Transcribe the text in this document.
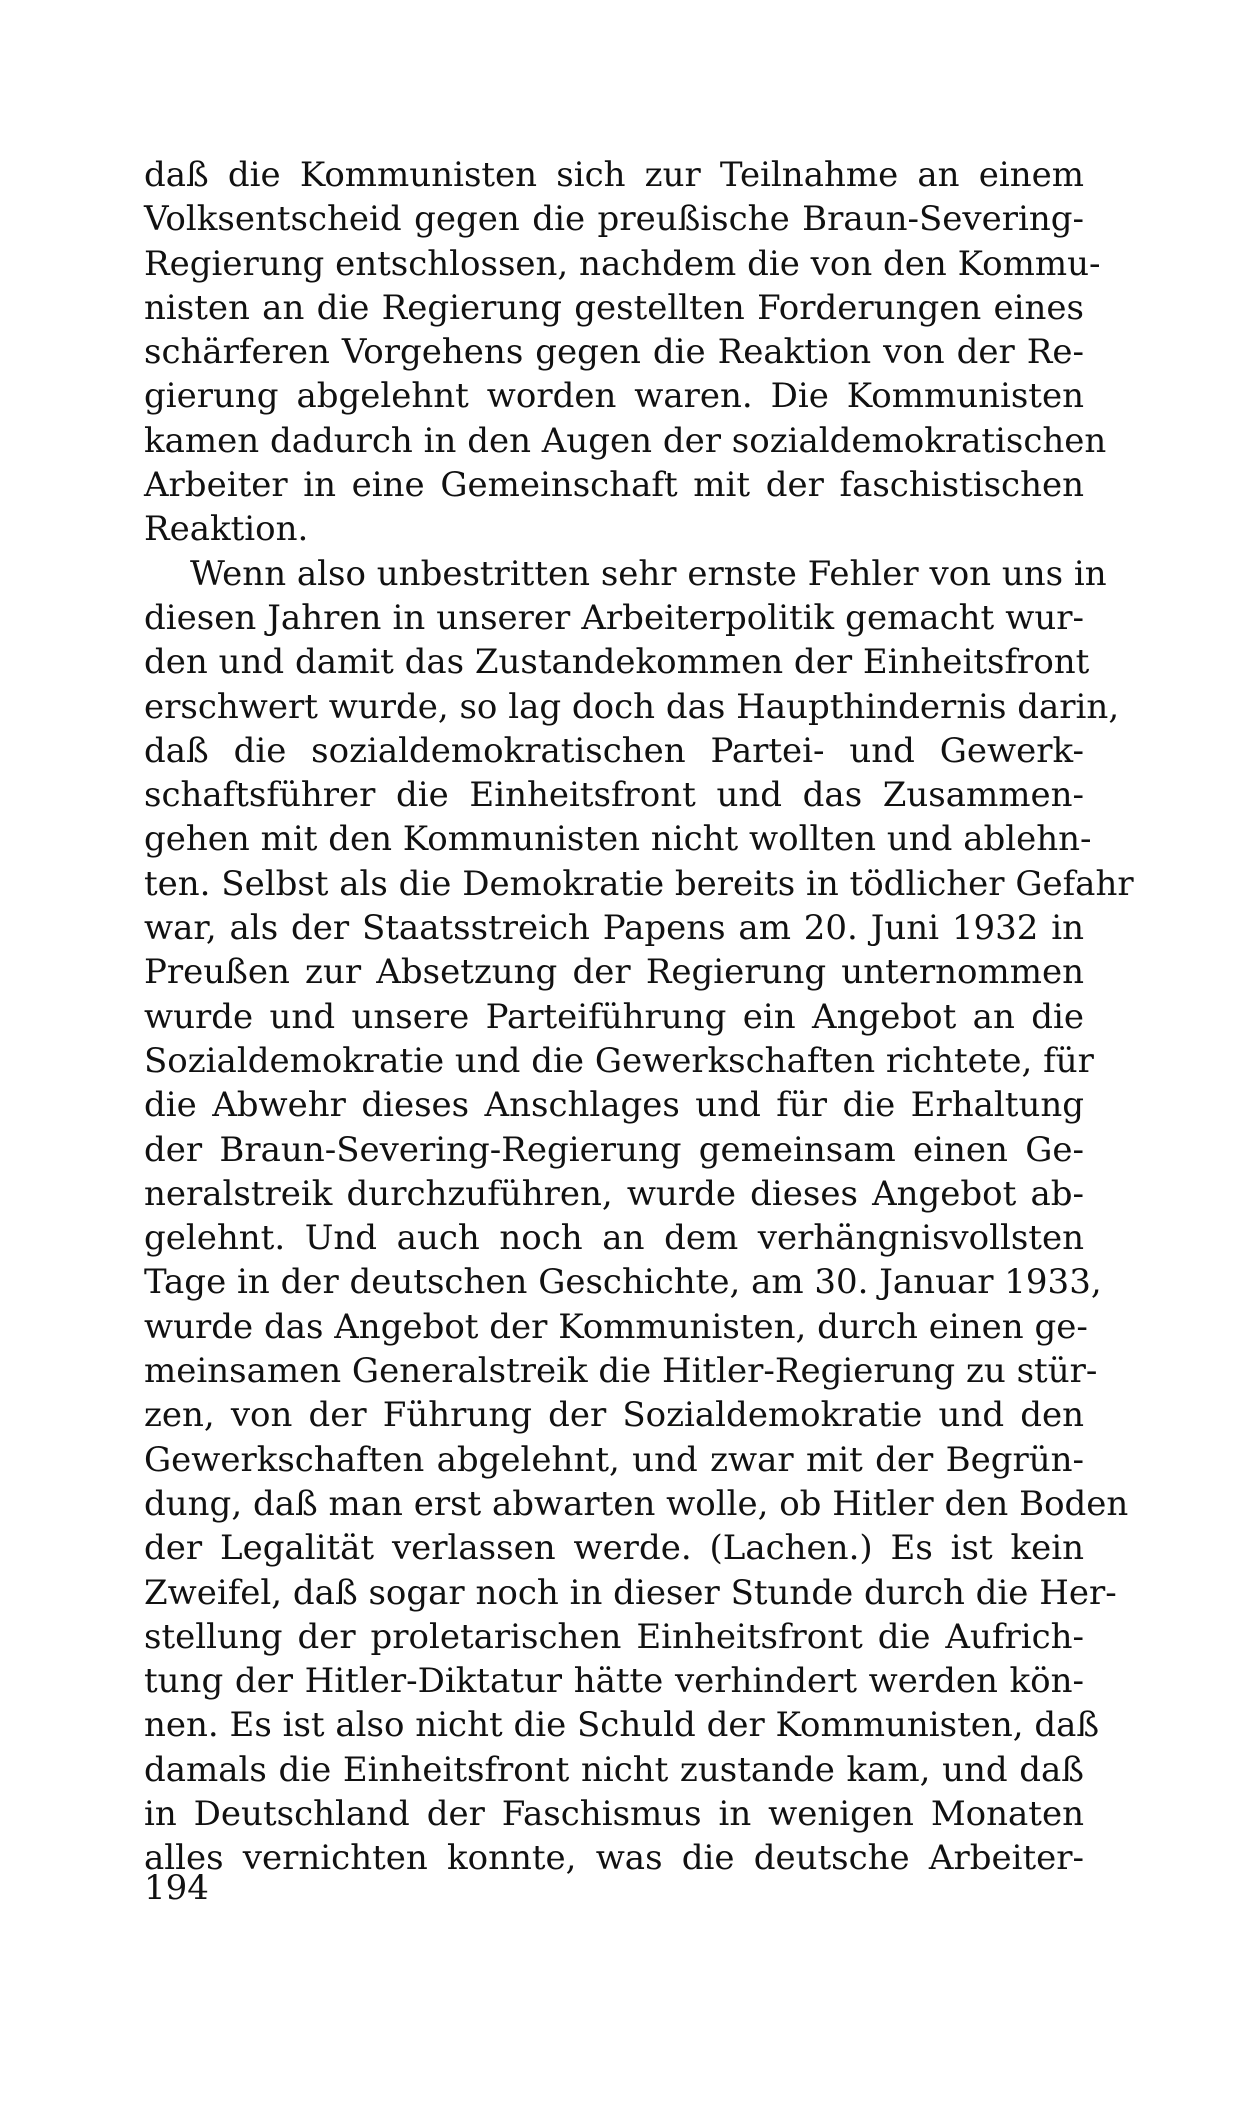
daß die Kommunisten sich zur Teilnahme an einem
Volksentscheid gegen die preußische Braun-Severing-
Regierung entschlossen, nachdem die von den Kommu-
nisten an die Regierung gestellten Forderungen eines
schärferen Vorgehens gegen die Reaktion von der Re-
gierung abgelehnt worden waren. Die Kommunisten
kamen dadurch in den Augen der sozialdemokratischen
Arbeiter in eine Gemeinschaft mit der faschistischen
Reaktion.
Wenn also unbestritten sehr ernste Fehler von uns in
diesen Jahren in unserer Arbeiterpolitik gemacht wur-
den und damit das Zustandekommen der Einheitsfront
erschwert wurde, so lag doch das Haupthindernis darin,
daß die sozialdemokratischen Partei- und Gewerk-
schaftsführer die Einheitsfront und das Zusammen-
gehen mit den Kommunisten nicht wollten und ablehn-
ten. Selbst als die Demokratie bereits in tödlicher Gefahr
war, als der Staatsstreich Papens am 20. Juni 1932 in
Preußen zur Absetzung der Regierung unternommen
wurde und unsere Parteiführung ein Angebot an die
Sozialdemokratie und die Gewerkschaften richtete, für
die Abwehr dieses Anschlages und für die Erhaltung
der Braun-Severing-Regierung gemeinsam einen Ge-
neralstreik durchzuführen, wurde dieses Angebot ab-
gelehnt. Und auch noch an dem verhängnisvollsten
Tage in der deutschen Geschichte, am 30. Januar 1933,
wurde das Angebot der Kommunisten, durch einen ge-
meinsamen Generalstreik die Hitler-Regierung zu stür-
zen, von der Führung der Sozialdemokratie und den
Gewerkschaften abgelehnt, und zwar mit der Begrün-
dung, daß man erst abwarten wolle, ob Hitler den Boden
der Legalität verlassen werde. (Lachen.) Es ist kein
Zweifel, daß sogar noch in dieser Stunde durch die Her-
stellung der proletarischen Einheitsfront die Aufrich-
tung der Hitler-Diktatur hätte verhindert werden kön-
nen. Es ist also nicht die Schuld der Kommunisten, daß
damals die Einheitsfront nicht zustande kam, und daß
in Deutschland der Faschismus in wenigen Monaten
alles vernichten konnte, was die deutsche Arbeiter-
194
